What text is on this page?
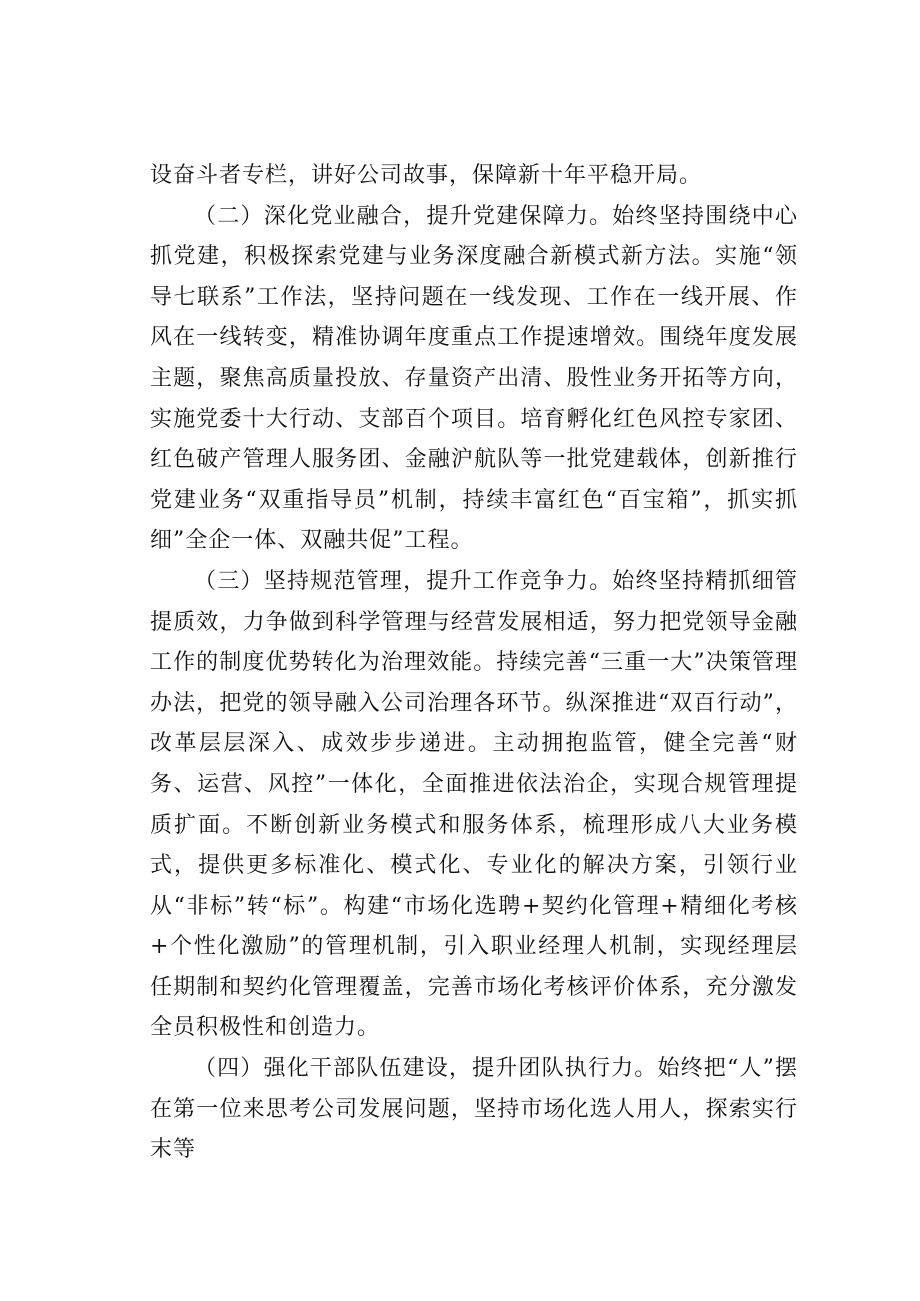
设奋斗者专栏，讲好公司故事，保障新十年平稳开局。

（二）深化党业融合，提升党建保障力。始终坚持围绕中心抓党建，积极探索党建与业务深度融合新模式新方法。实施“领导七联系”工作法，坚持问题在一线发现、工作在一线开展、作风在一线转变，精准协调年度重点工作提速增效。围绕年度发展主题，聚焦高质量投放、存量资产出清、股性业务开拓等方向，实施党委十大行动、支部百个项目。培育孵化红色风控专家团、红色破产管理人服务团、金融沪航队等一批党建载体，创新推行党建业务“双重指导员”机制，持续丰富红色“百宝箱”，抓实抓细”全企一体、双融共促”工程。

（三）坚持规范管理，提升工作竞争力。始终坚持精抓细管提质效，力争做到科学管理与经营发展相适，努力把党领导金融工作的制度优势转化为治理效能。持续完善“三重一大”决策管理办法，把党的领导融入公司治理各环节。纵深推进“双百行动”，改革层层深入、成效步步递进。主动拥抱监管，健全完善“财务、运营、风控”一体化，全面推进依法治企，实现合规管理提质扩面。不断创新业务模式和服务体系，梳理形成八大业务模式，提供更多标准化、模式化、专业化的解决方案，引领行业从“非标”转“标”。构建“市场化选聘+契约化管理+精细化考核+个性化激励”的管理机制，引入职业经理人机制，实现经理层任期制和契约化管理覆盖，完善市场化考核评价体系，充分激发全员积极性和创造力。

（四）强化干部队伍建设，提升团队执行力。始终把“人”摆在第一位来思考公司发展问题，坚持市场化选人用人，探索实行末等
